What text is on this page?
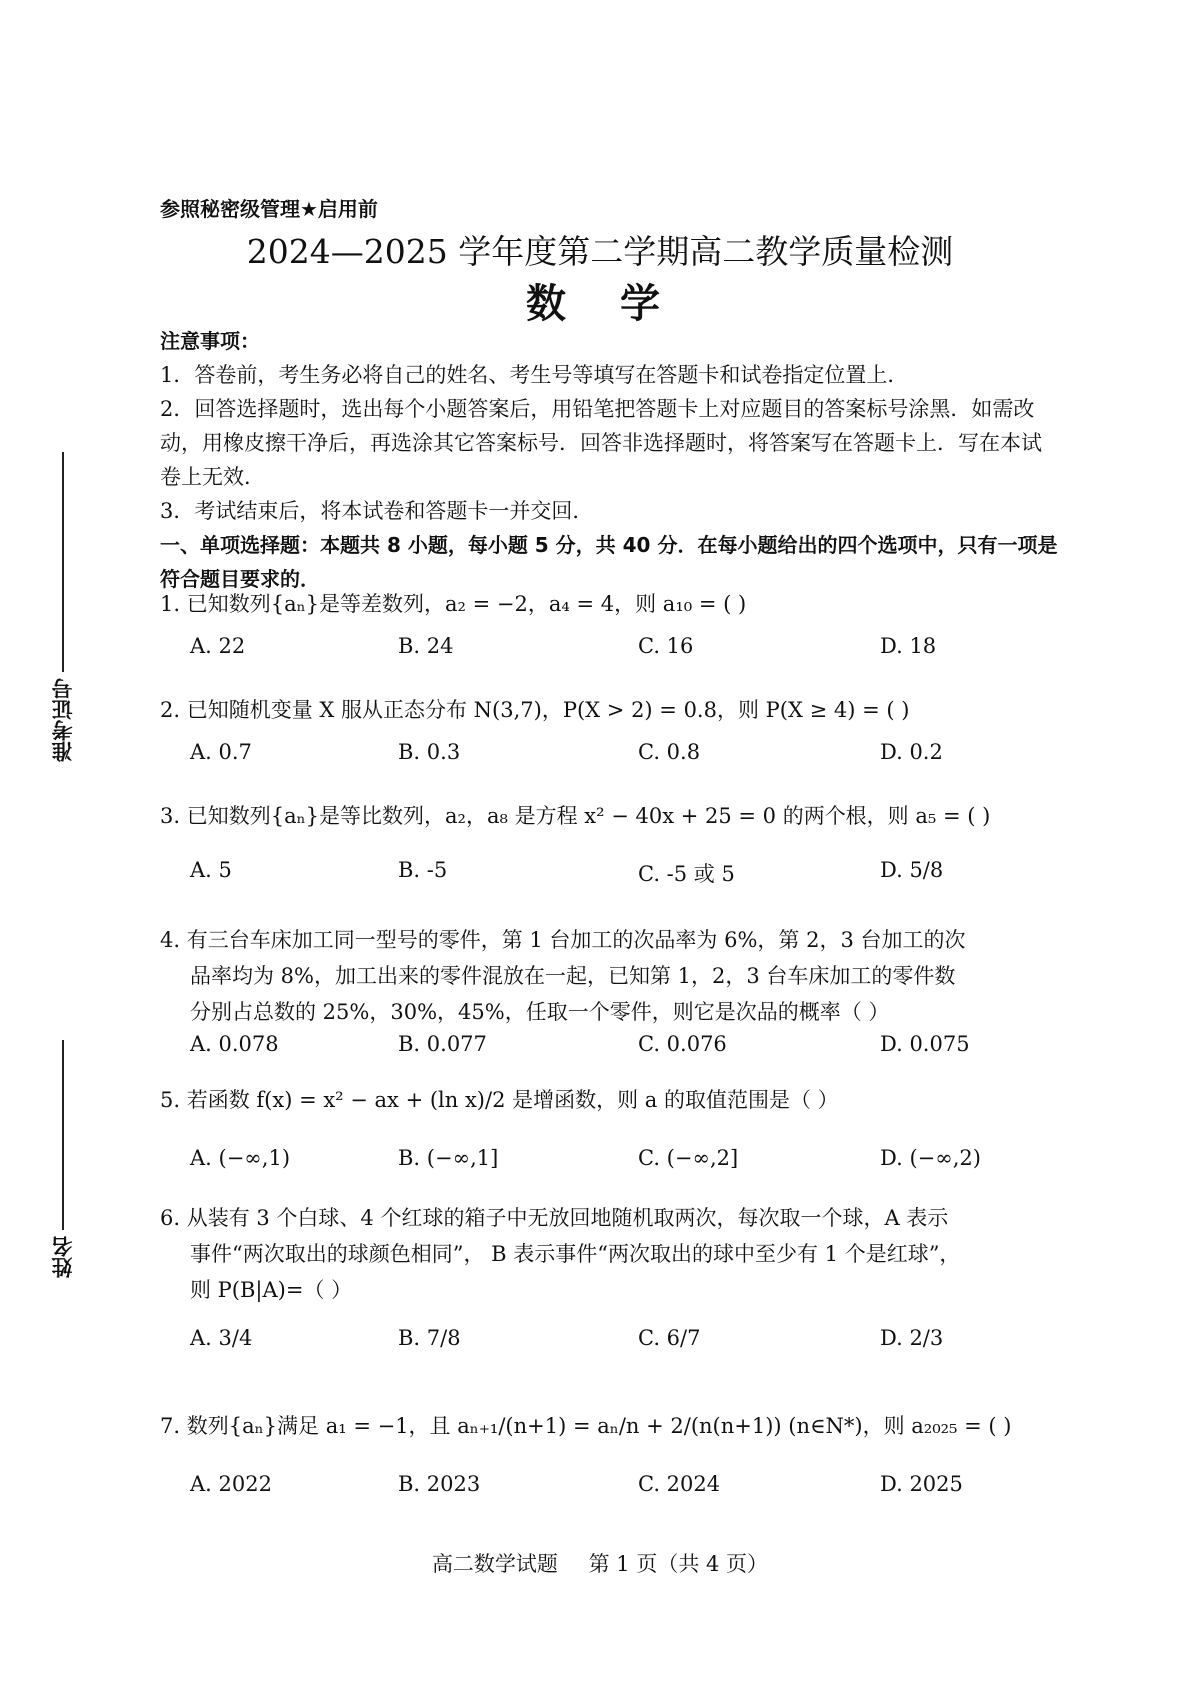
准考证号
姓名
参照秘密级管理★启用前
2024—2025 学年度第二学期高二教学质量检测
数学
注意事项：

1．答卷前，考生务必将自己的姓名、考生号等填写在答题卡和试卷指定位置上．

2．回答选择题时，选出每个小题答案后，用铅笔把答题卡上对应题目的答案标号涂黑．如需改动，用橡皮擦干净后，再选涂其它答案标号．回答非选择题时，将答案写在答题卡上．写在本试卷上无效．

3．考试结束后，将本试卷和答题卡一并交回．

一、单项选择题：本题共 8 小题，每小题 5 分，共 40 分．在每小题给出的四个选项中，只有一项是符合题目要求的．
1. 已知数列{aₙ}是等差数列，a₂ = −2，a₄ = 4，则 a₁₀ = ( )
A. 22	B. 24	C. 16	D. 18
2. 已知随机变量 X 服从正态分布 N(3,7)，P(X > 2) = 0.8，则 P(X ≥ 4) = ( )
A. 0.7	B. 0.3	C. 0.8	D. 0.2
3. 已知数列{aₙ}是等比数列，a₂，a₈ 是方程 x² − 40x + 25 = 0 的两个根，则 a₅ = ( )
A. 5	B. -5	C. -5 或 5	D. 5/8
4. 有三台车床加工同一型号的零件，第 1 台加工的次品率为 6%，第 2，3 台加工的次
品率均为 8%，加工出来的零件混放在一起，已知第 1，2，3 台车床加工的零件数
分别占总数的 25%，30%，45%，任取一个零件，则它是次品的概率（ ）
A. 0.078	B. 0.077	C. 0.076	D. 0.075
5. 若函数 f(x) = x² − ax + (ln x)/2 是增函数，则 a 的取值范围是（ ）
A. (−∞,1)	B. (−∞,1]	C. (−∞,2]	D. (−∞,2)
6. 从装有 3 个白球、4 个红球的箱子中无放回地随机取两次，每次取一个球，A 表示
事件“两次取出的球颜色相同”， B 表示事件“两次取出的球中至少有 1 个是红球”，
则 P(B|A)=（ ）
A. 3/4	B. 7/8	C. 6/7	D. 2/3
7. 数列{aₙ}满足 a₁ = −1，且 aₙ₊₁/(n+1) = aₙ/n + 2/(n(n+1)) (n∈N*)，则 a₂₀₂₅ = ( )
A. 2022	B. 2023	C. 2024	D. 2025
高二数学试题 第 1 页（共 4 页）
